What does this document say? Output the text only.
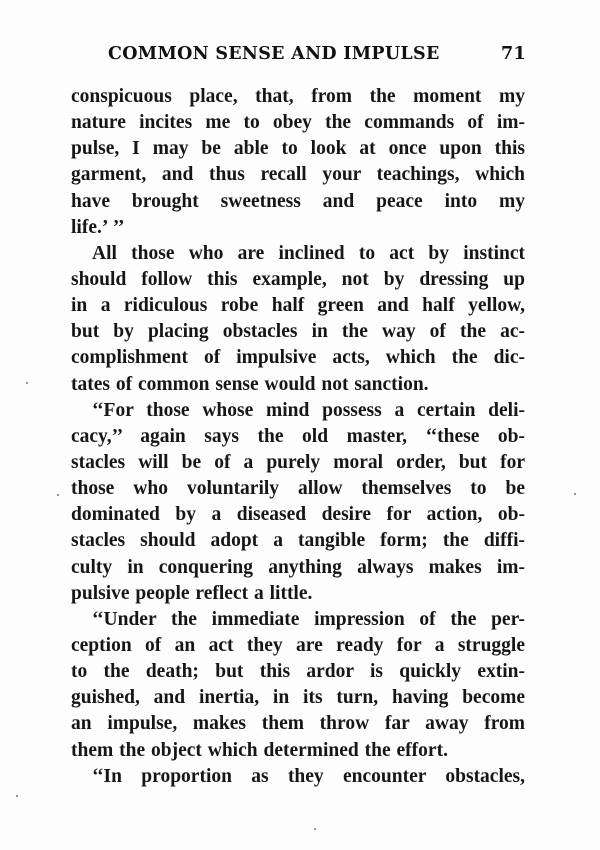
COMMON SENSE AND IMPULSE	71
conspicuous place, that, from the moment my
nature incites me to obey the commands of im-
pulse, I may be able to look at once upon this
garment, and thus recall your teachings, which
have brought sweetness and peace into my
life.’ ’’
All those who are inclined to act by instinct
should follow this example, not by dressing up
in a ridiculous robe half green and half yellow,
but by placing obstacles in the way of the ac-
complishment of impulsive acts, which the dic-
tates of common sense would not sanction.
‘‘For those whose mind possess a certain deli-
cacy,’’ again says the old master, ‘‘these ob-
stacles will be of a purely moral order, but for
those who voluntarily allow themselves to be
dominated by a diseased desire for action, ob-
stacles should adopt a tangible form; the diffi-
culty in conquering anything always makes im-
pulsive people reflect a little.
‘‘Under the immediate impression of the per-
ception of an act they are ready for a struggle
to the death; but this ardor is quickly extin-
guished, and inertia, in its turn, having become
an impulse, makes them throw far away from
them the object which determined the effort.
‘‘In proportion as they encounter obstacles,
